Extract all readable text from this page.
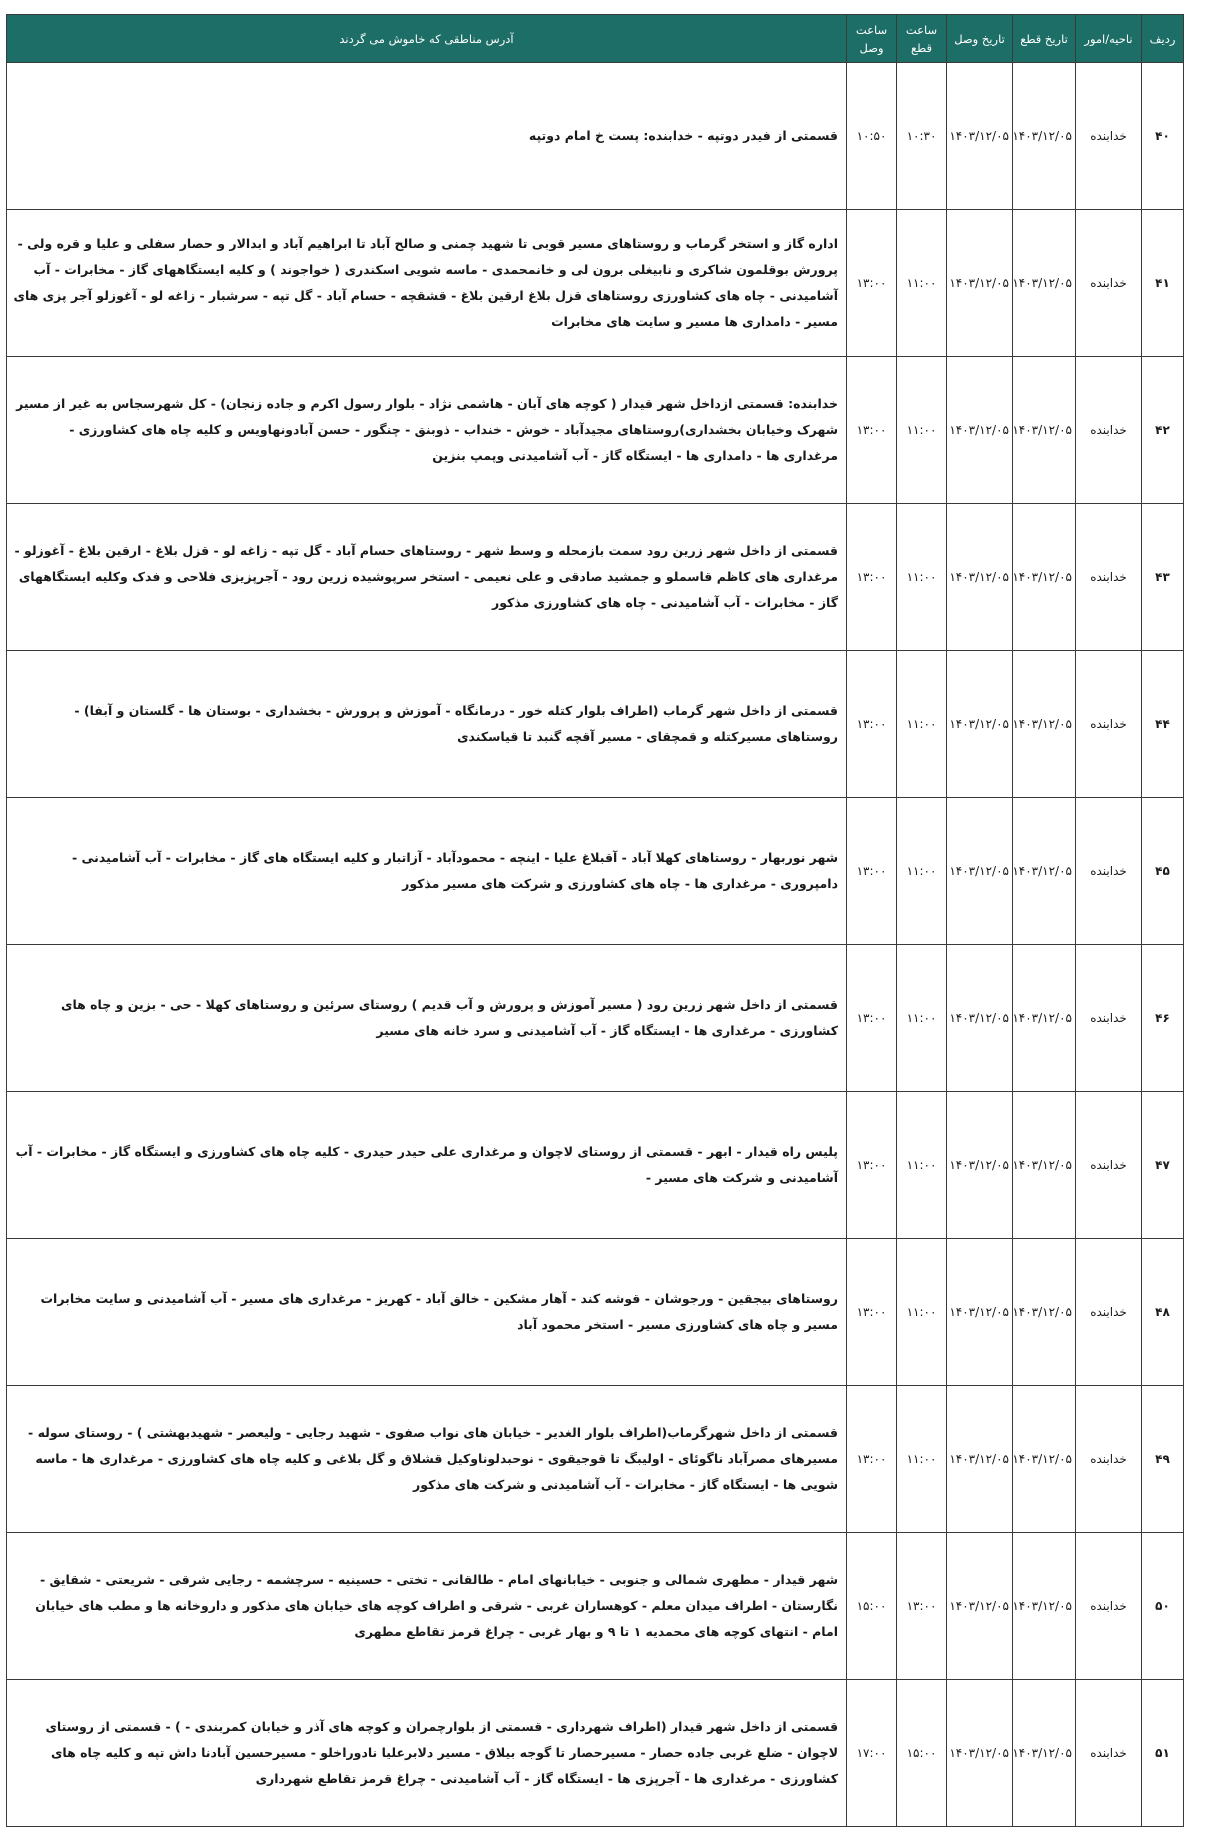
ردیف	ناحیه/امور	تاریخ قطع	تاریخ وصل	ساعت قطع	ساعت وصل	آدرس مناطقی که خاموش می گردند
۴۰	خدابنده	۱۴۰۳/۱۲/۰۵	۱۴۰۳/۱۲/۰۵	۱۰:۳۰	۱۰:۵۰	قسمتی از فیدر دوتپه - خدابنده: پست خ امام دوتپه
۴۱	خدابنده	۱۴۰۳/۱۲/۰۵	۱۴۰۳/۱۲/۰۵	۱۱:۰۰	۱۳:۰۰	اداره گاز و استخر گرماب و روستاهای مسیر قوبی تا شهید چمنی و صالح آباد تا ابراهیم آباد و ابدالار و حصار سفلی و علیا و قره ولی - پرورش بوقلمون شاکری و نابیغلی برون لی و خانمحمدی - ماسه شویی اسکندری ( خواجوند ) و کلیه ایستگاههای گاز - مخابرات - آب آشامیدنی - چاه های کشاورزی روستاهای قزل بلاغ ارقین بلاغ - قشقچه - حسام آباد - گل تپه - سرشبار - زاغه لو - آغوزلو آجر پزی های مسیر - دامداری ها مسیر و سایت های مخابرات
۴۲	خدابنده	۱۴۰۳/۱۲/۰۵	۱۴۰۳/۱۲/۰۵	۱۱:۰۰	۱۳:۰۰	خدابنده: قسمتی ازداخل شهر قیدار ( کوچه های آبان - هاشمی نژاد - بلوار رسول اکرم و جاده زنجان) - کل شهرسجاس به غیر از مسیر شهرک وخیابان بخشداری)روستاهای مجیدآباد - خوش - خنداب - ذوبنق - چنگور - حسن آبادونهاویس و کلیه چاه های کشاورزی - مرغداری ها - دامداری ها - ایستگاه گاز - آب آشامیدنی وپمپ بنزین
۴۳	خدابنده	۱۴۰۳/۱۲/۰۵	۱۴۰۳/۱۲/۰۵	۱۱:۰۰	۱۳:۰۰	قسمتی از داخل شهر زرین رود سمت بازمحله و وسط شهر - روستاهای حسام آباد - گل تپه - زاغه لو - قزل بلاغ - ارقین بلاغ - آغوزلو - مرغداری های کاظم قاسملو و جمشید صادقی و علی نعیمی - استخر سرپوشیده زرین رود - آجرپزیزی فلاحی و فدک وکلیه ایستگاههای گاز - مخابرات - آب آشامیدنی - چاه های کشاورزی مذکور
۴۴	خدابنده	۱۴۰۳/۱۲/۰۵	۱۴۰۳/۱۲/۰۵	۱۱:۰۰	۱۳:۰۰	قسمتی از داخل شهر گرماب (اطراف بلوار کتله خور - درمانگاه - آموزش و پرورش - بخشداری - بوستان ها - گلستان و آبفا) - روستاهای مسیرکتله و قمچقای - مسیر آقچه گنبد تا قیاسکندی
۴۵	خدابنده	۱۴۰۳/۱۲/۰۵	۱۴۰۳/۱۲/۰۵	۱۱:۰۰	۱۳:۰۰	شهر نوربهار - روستاهای کهلا آباد - آقبلاغ علیا - اینچه - محمودآباد - آزاتبار و کلیه ایستگاه های گاز - مخابرات - آب آشامیدنی - دامپروری - مرغداری ها - چاه های کشاورزی و شرکت های مسیر مذکور
۴۶	خدابنده	۱۴۰۳/۱۲/۰۵	۱۴۰۳/۱۲/۰۵	۱۱:۰۰	۱۳:۰۰	قسمتی از داخل شهر زرین رود ( مسیر آموزش و پرورش و آب قدیم ) روستای سرئین و روستاهای کهلا - حی - بزین و چاه های کشاورزی - مرغداری ها - ایستگاه گاز - آب آشامیدنی و سرد خانه های مسیر
۴۷	خدابنده	۱۴۰۳/۱۲/۰۵	۱۴۰۳/۱۲/۰۵	۱۱:۰۰	۱۳:۰۰	پلیس راه قیدار - ابهر - قسمتی از روستای لاچوان و مرغداری علی حیدر حیدری - کلیه چاه های کشاورزی و ایستگاه گاز - مخابرات - آب آشامیدنی و شرکت های مسیر -
۴۸	خدابنده	۱۴۰۳/۱۲/۰۵	۱۴۰۳/۱۲/۰۵	۱۱:۰۰	۱۳:۰۰	روستاهای بیجقین - ورجوشان - قوشه کند - آهار مشکین - خالق آباد - کهریز - مرغداری های مسیر - آب آشامیدنی و سایت مخابرات مسیر و چاه های کشاورزی مسیر - استخر محمود آباد
۴۹	خدابنده	۱۴۰۳/۱۲/۰۵	۱۴۰۳/۱۲/۰۵	۱۱:۰۰	۱۳:۰۰	قسمتی از داخل شهرگرماب(اطراف بلوار الغدیر - خیابان های نواب صفوی - شهید رجایی - ولیعصر - شهیدبهشتی ) - روستای سوله - مسیرهای مصرآباد ناگوئای - اولیبگ تا قوجیقوی - نوحبدلوناوکیل قشلاق و گل بلاغی و کلیه چاه های کشاورزی - مرغداری ها - ماسه شویی ها - ایستگاه گاز - مخابرات - آب آشامیدنی و شرکت های مذکور
۵۰	خدابنده	۱۴۰۳/۱۲/۰۵	۱۴۰۳/۱۲/۰۵	۱۳:۰۰	۱۵:۰۰	شهر قیدار - مطهری شمالی و جنوبی - خیابانهای امام - طالقانی - تختی - حسینیه - سرچشمه - رجایی شرقی - شریعتی - شقایق - نگارستان - اطراف میدان معلم - کوهساران غربی - شرقی و اطراف کوچه های خیابان های مذکور و داروخانه ها و مطب های خیابان امام - انتهای کوچه های محمدیه ۱ تا ۹ و بهار غربی - چراغ قرمز تقاطع مطهری
۵۱	خدابنده	۱۴۰۳/۱۲/۰۵	۱۴۰۳/۱۲/۰۵	۱۵:۰۰	۱۷:۰۰	قسمتی از داخل شهر قیدار (اطراف شهرداری - قسمتی از بلوارچمران و کوچه های آذر و خیابان کمربندی - ) - قسمتی از روستای لاچوان - ضلع غربی جاده حصار - مسیرحصار تا گوجه بیلاق - مسیر دلابرعلیا نادوراخلو - مسیرحسین آبادنا داش تپه و کلیه چاه های کشاورزی - مرغداری ها - آجرپزی ها - ایستگاه گاز - آب آشامیدنی - چراغ قرمز تقاطع شهرداری
